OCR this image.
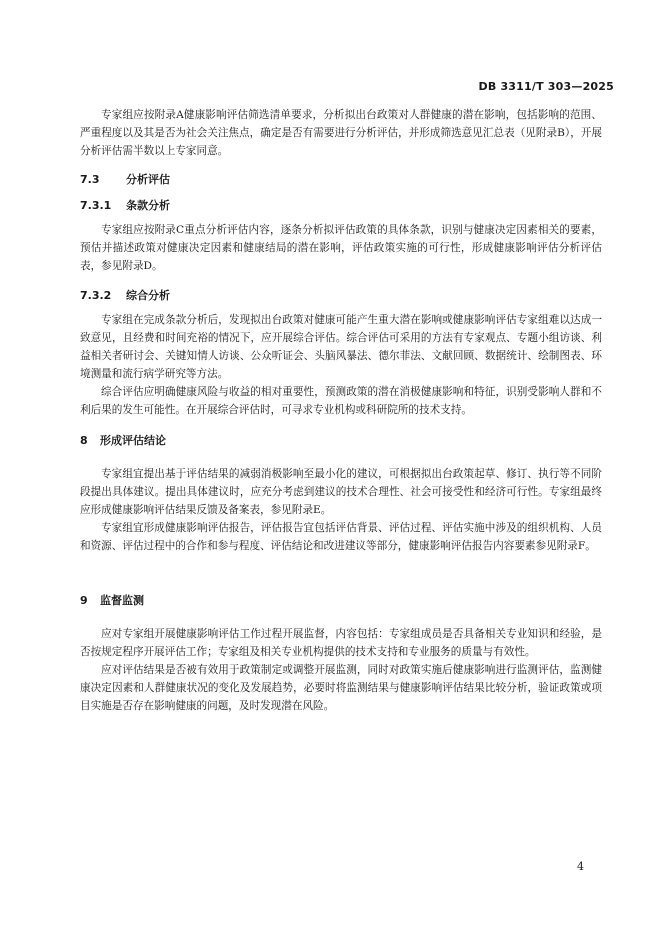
DB 3311/T 303—2025

专家组应按附录A健康影响评估筛选清单要求，分析拟出台政策对人群健康的潜在影响，包括影响的范围、严重程度以及其是否为社会关注焦点，确定是否有需要进行分析评估，并形成筛选意见汇总表（见附录B），开展分析评估需半数以上专家同意。

7.3 分析评估
7.3.1 条款分析

专家组应按附录C重点分析评估内容，逐条分析拟评估政策的具体条款，识别与健康决定因素相关的要素，预估并描述政策对健康决定因素和健康结局的潜在影响，评估政策实施的可行性，形成健康影响评估分析评估表，参见附录D。

7.3.2 综合分析

专家组在完成条款分析后，发现拟出台政策对健康可能产生重大潜在影响或健康影响评估专家组难以达成一致意见，且经费和时间充裕的情况下，应开展综合评估。综合评估可采用的方法有专家观点、专题小组访谈、利益相关者研讨会、关键知情人访谈、公众听证会、头脑风暴法、德尔菲法、文献回顾、数据统计、绘制图表、环境测量和流行病学研究等方法。

综合评估应明确健康风险与收益的相对重要性，预测政策的潜在消极健康影响和特征，识别受影响人群和不利后果的发生可能性。在开展综合评估时，可寻求专业机构或科研院所的技术支持。

8 形成评估结论

专家组宜提出基于评估结果的减弱消极影响至最小化的建议，可根据拟出台政策起草、修订、执行等不同阶段提出具体建议。提出具体建议时，应充分考虑到建议的技术合理性、社会可接受性和经济可行性。专家组最终应形成健康影响评估结果反馈及备案表，参见附录E。

专家组宜形成健康影响评估报告，评估报告宜包括评估背景、评估过程、评估实施中涉及的组织机构、人员和资源、评估过程中的合作和参与程度、评估结论和改进建议等部分，健康影响评估报告内容要素参见附录F。

9 监督监测

应对专家组开展健康影响评估工作过程开展监督，内容包括：专家组成员是否具备相关专业知识和经验，是否按规定程序开展评估工作；专家组及相关专业机构提供的技术支持和专业服务的质量与有效性。

应对评估结果是否被有效用于政策制定或调整开展监测，同时对政策实施后健康影响进行监测评估，监测健康决定因素和人群健康状况的变化及发展趋势，必要时将监测结果与健康影响评估结果比较分析，验证政策或项目实施是否存在影响健康的问题，及时发现潜在风险。

4
